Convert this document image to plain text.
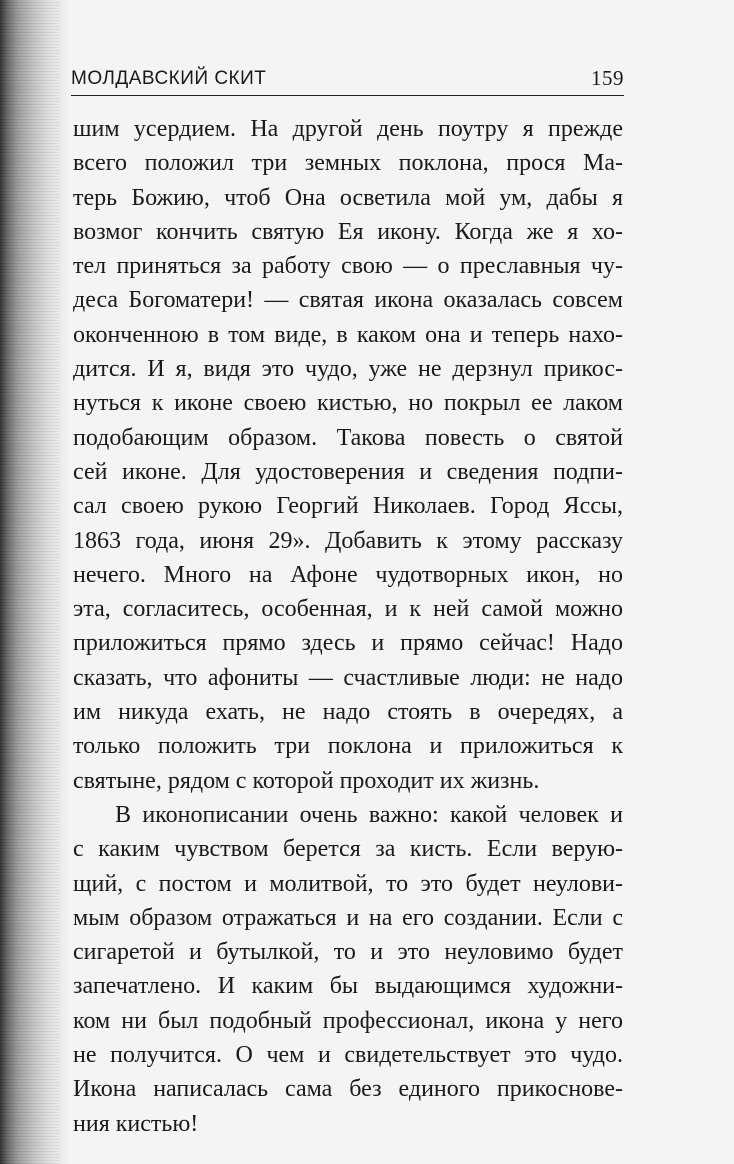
МОЛДАВСКИЙ СКИТ	159
шим усердием. На другой день поутру я прежде
всего положил три земных поклона, прося Ма-
терь Божию, чтоб Она осветила мой ум, дабы я
возмог кончить святую Ея икону. Когда же я хо-
тел приняться за работу свою — о преславныя чу-
деса Богоматери! — святая икона оказалась совсем
оконченною в том виде, в каком она и теперь нахо-
дится. И я, видя это чудо, уже не дерзнул прикос-
нуться к иконе своею кистью, но покрыл ее лаком
подобающим образом. Такова повесть о святой
сей иконе. Для удостоверения и сведения подпи-
сал своею рукою Георгий Николаев. Город Яссы,
1863 года, июня 29». Добавить к этому рассказу
нечего. Много на Афоне чудотворных икон, но
эта, согласитесь, особенная, и к ней самой можно
приложиться прямо здесь и прямо сейчас! Надо
сказать, что афониты — счастливые люди: не надо
им никуда ехать, не надо стоять в очередях, а
только положить три поклона и приложиться к
святыне, рядом с которой проходит их жизнь.
В иконописании очень важно: какой человек и
с каким чувством берется за кисть. Если верую-
щий, с постом и молитвой, то это будет неулови-
мым образом отражаться и на его создании. Если с
сигаретой и бутылкой, то и это неуловимо будет
запечатлено. И каким бы выдающимся художни-
ком ни был подобный профессионал, икона у него
не получится. О чем и свидетельствует это чудо.
Икона написалась сама без единого прикоснове-
ния кистью!
